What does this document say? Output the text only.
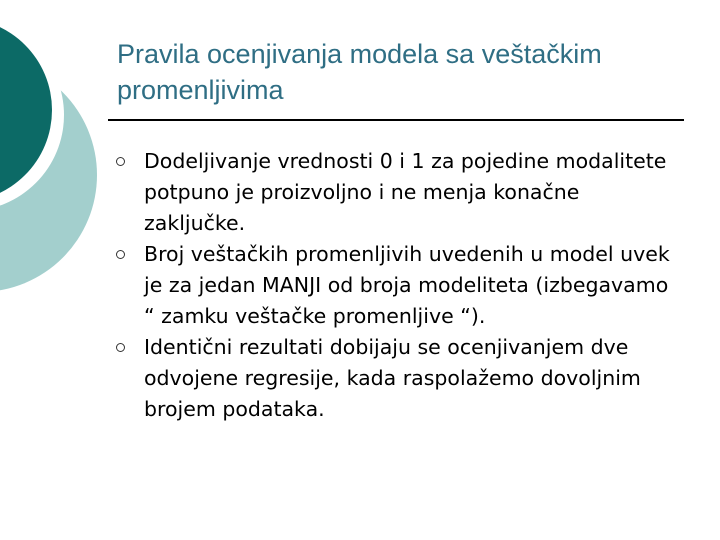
Pravila ocenjivanja modela sa veštačkim promenljivima
Dodeljivanje vrednosti 0 i 1 za pojedine modalitete potpuno je proizvoljno i ne menja konačne zaključke.
Broj veštačkih promenljivih uvedenih u model uvek je za jedan MANJI od broja modeliteta (izbegavamo “ zamku veštačke promenljive “).
Identični rezultati dobijaju se ocenjivanjem dve odvojene regresije, kada raspolažemo dovoljnim brojem podataka.
